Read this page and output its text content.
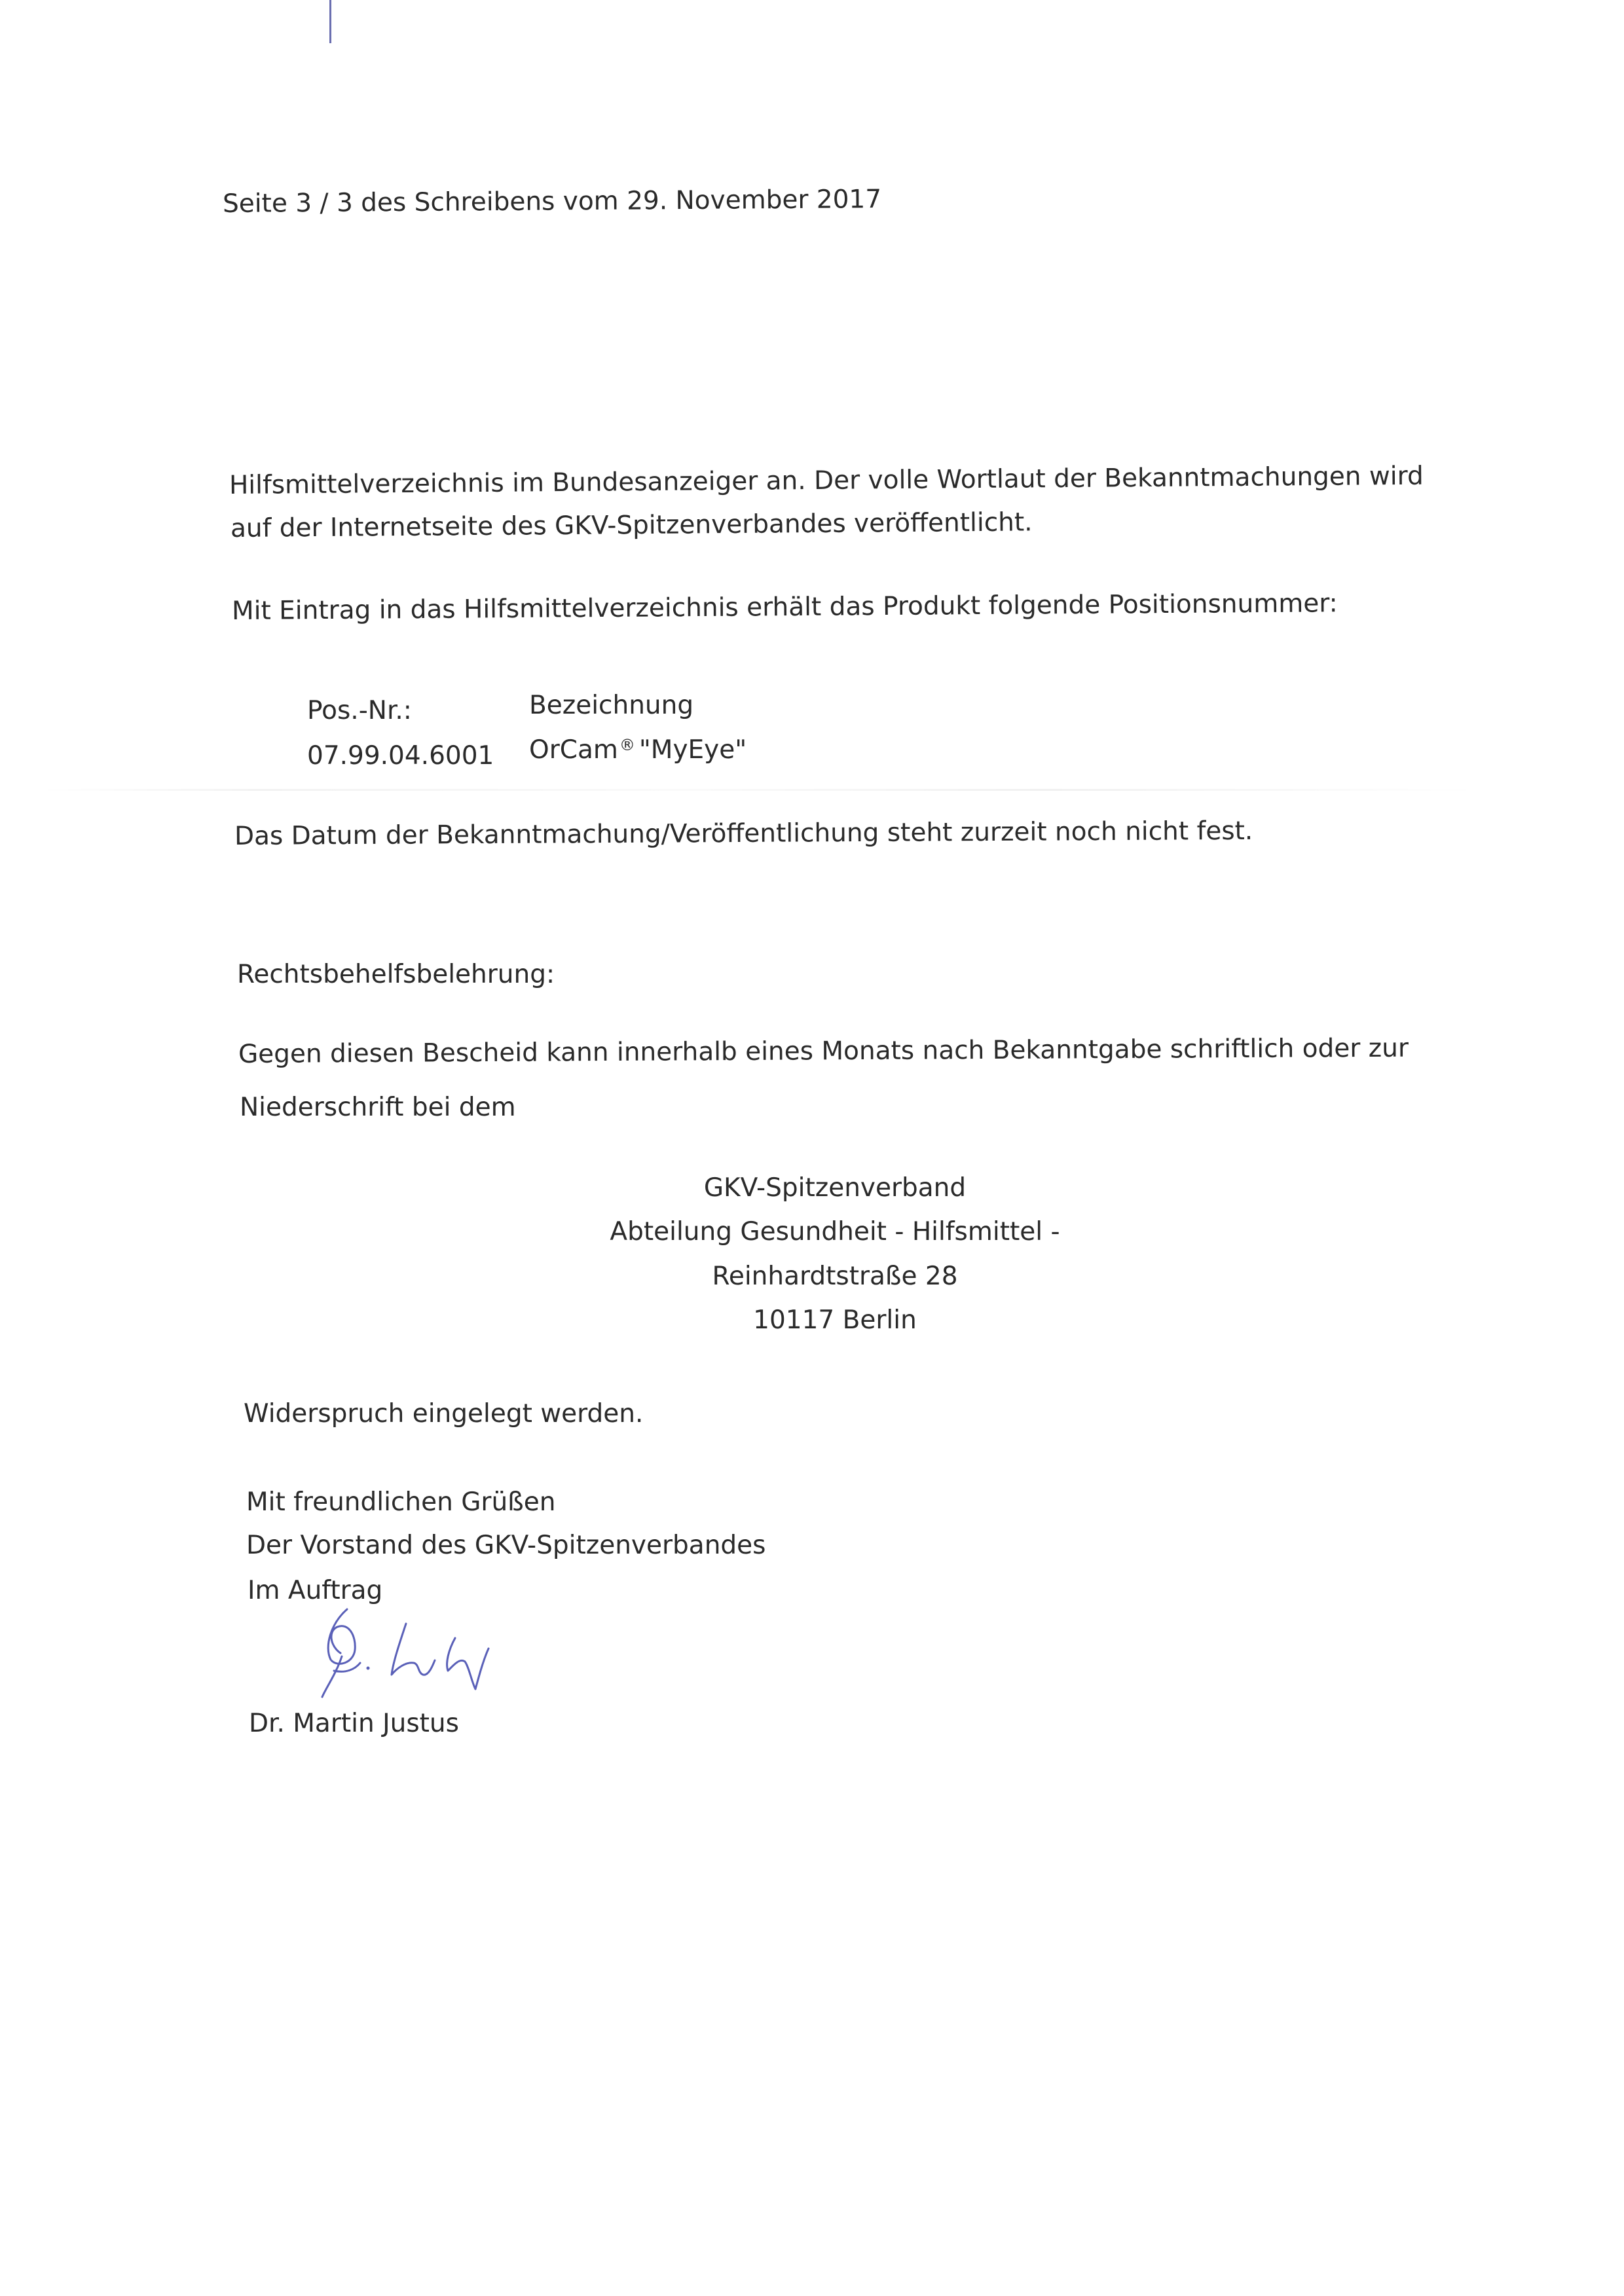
Seite 3 / 3 des Schreibens vom 29. November 2017
Hilfsmittelverzeichnis im Bundesanzeiger an. Der volle Wortlaut der Bekanntmachungen wird
auf der Internetseite des GKV-Spitzenverbandes veröffentlicht.
Mit Eintrag in das Hilfsmittelverzeichnis erhält das Produkt folgende Positionsnummer:
Pos.-Nr.:
07.99.04.6001
Bezeichnung
OrCam® "MyEye"
Das Datum der Bekanntmachung/Veröffentlichung steht zurzeit noch nicht fest.
Rechtsbehelfsbelehrung:
Gegen diesen Bescheid kann innerhalb eines Monats nach Bekanntgabe schriftlich oder zur
Niederschrift bei dem
GKV-Spitzenverband
Abteilung Gesundheit - Hilfsmittel -
Reinhardtstraße 28
10117 Berlin
Widerspruch eingelegt werden.
Mit freundlichen Grüßen
Der Vorstand des GKV-Spitzenverbandes
Im Auftrag
Dr. Martin Justus
